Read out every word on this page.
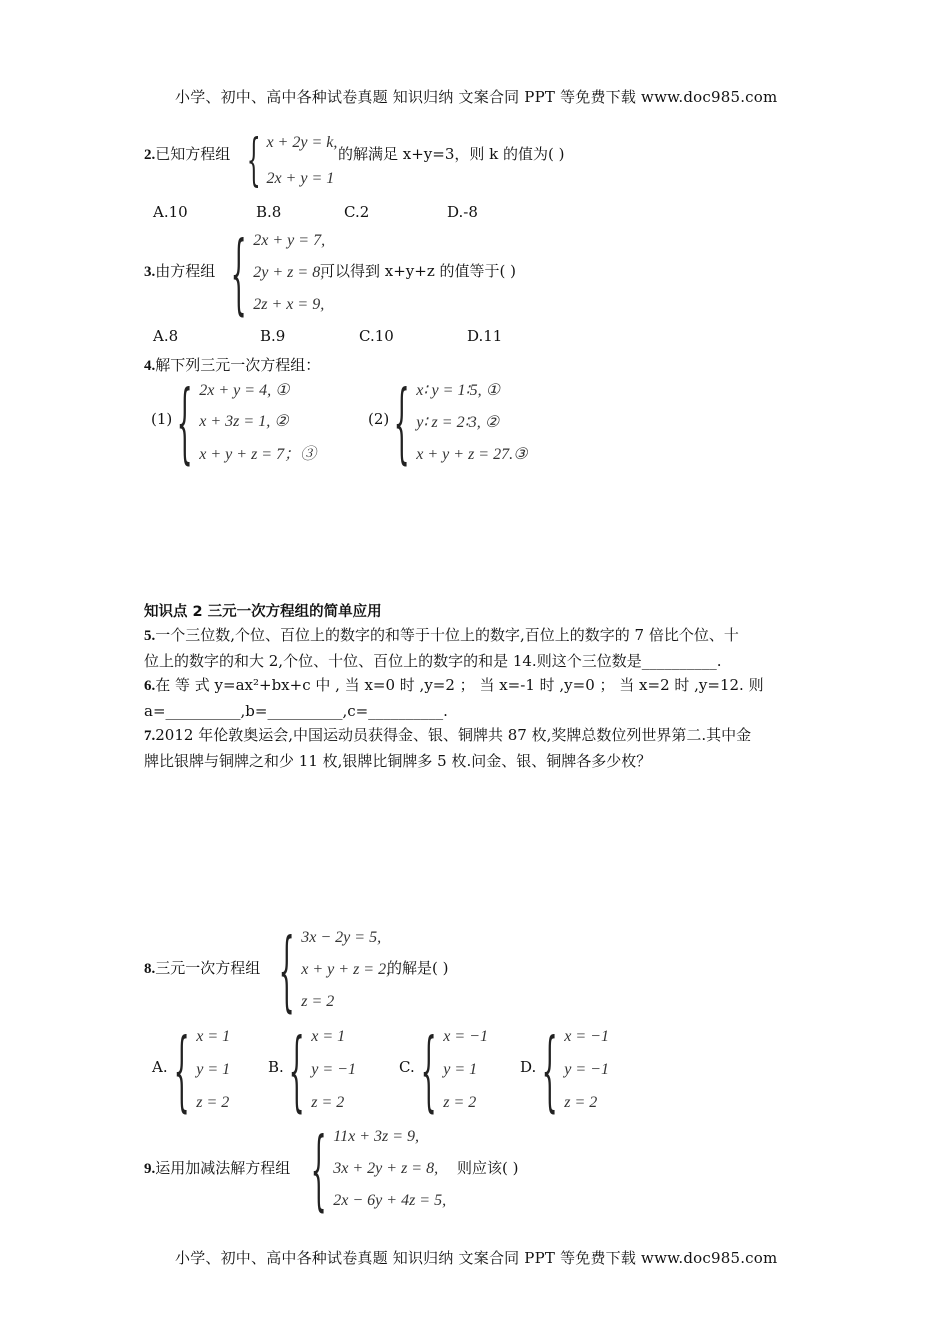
小学、初中、高中各种试卷真题 知识归纳 文案合同 PPT 等免费下载 www.doc985.com
2.已知方程组 { x + 2y = k,
2x + y = 1
的解满足 x+y=3，则 k 的值为( )
A.10	B.8	C.2	D.-8
3.由方程组 { 2x + y = 7,
2y + z = 8,
2z + x = 9,
可以得到 x+y+z 的值等于( )
A.8	B.9	C.10	D.11
4.解下列三元一次方程组：
(1) { 2x + y = 4, ①
x + 3z = 1, ②
x + y + z = 7；③
(2) { x∶ y = 1∶5, ①
y∶ z = 2∶3, ②
x + y + z = 27.③
知识点 2 三元一次方程组的简单应用
5.一个三位数,个位、百位上的数字的和等于十位上的数字,百位上的数字的 7 倍比个位、十
位上的数字的和大 2,个位、十位、百位上的数字的和是 14.则这个三位数是__________.
6.在 等 式 y=ax²+bx+c 中 , 当 x=0 时 ,y=2 ； 当 x=-1 时 ,y=0 ； 当 x=2 时 ,y=12. 则
a=__________,b=__________,c=__________.
7.2012 年伦敦奥运会,中国运动员获得金、银、铜牌共 87 枚,奖牌总数位列世界第二.其中金
牌比银牌与铜牌之和少 11 枚,银牌比铜牌多 5 枚.问金、银、铜牌各多少枚？
8.三元一次方程组 { 3x − 2y = 5,
x + y + z = 2,
z = 2
的解是( )
A. { x = 1
y = 1
z = 2
B. { x = 1
y = −1
z = 2
C. { x = −1
y = 1
z = 2
D. { x = −1
y = −1
z = 2
9.运用加减法解方程组 { 11x + 3z = 9,
3x + 2y + z = 8,
2x − 6y + 4z = 5,
则应该( )
小学、初中、高中各种试卷真题 知识归纳 文案合同 PPT 等免费下载 www.doc985.com
